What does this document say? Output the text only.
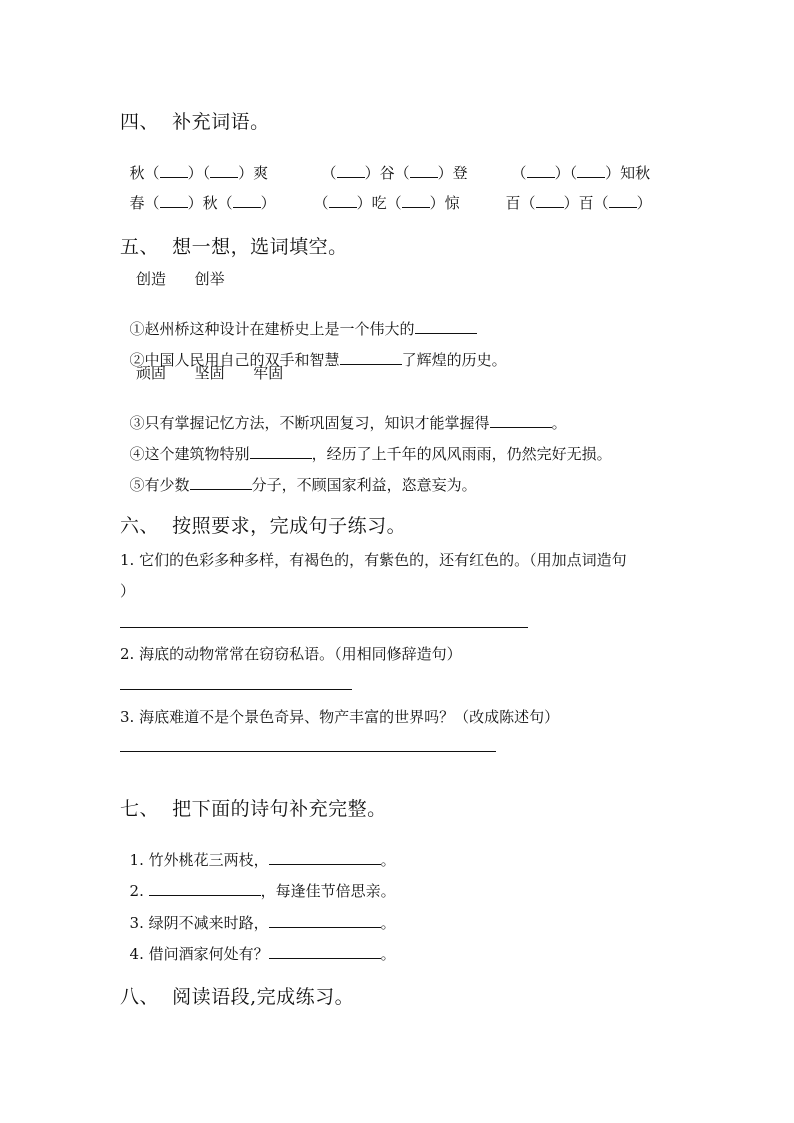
四、  补充词语。

秋（ ）（ ）爽	（ ）谷（ ）登	（ ）（ ）知秋

春（ ）秋（ ）	（ ）吃（ ）惊	百（ ）百（ ）

五、  想一想，选词填空。
创造      创举

①赵州桥这种设计在建桥史上是一个伟大的

②中国人民用自己的双手和智慧	了辉煌的历史。

顽固      坚固      牢固

③只有掌握记忆方法，不断巩固复习，知识才能掌握得	。

④这个建筑物特别	，经历了上千年的风风雨雨，仍然完好无损。

⑤有少数	分子，不顾国家利益，恣意妄为。

六、  按照要求，完成句子练习。
1. 它们的色彩多种多样，有褐色的，有紫色的，还有红色的。（用加点词造句
）
2. 海底的动物常常在窃窃私语。（用相同修辞造句）
3. 海底难道不是个景色奇异、物产丰富的世界吗？（改成陈述句）
七、  把下面的诗句补充完整。

1. 竹外桃花三两枝，	。

2.	，每逢佳节倍思亲。

3. 绿阴不减来时路，	。

4. 借问酒家何处有？	。

八、  阅读语段,完成练习。
